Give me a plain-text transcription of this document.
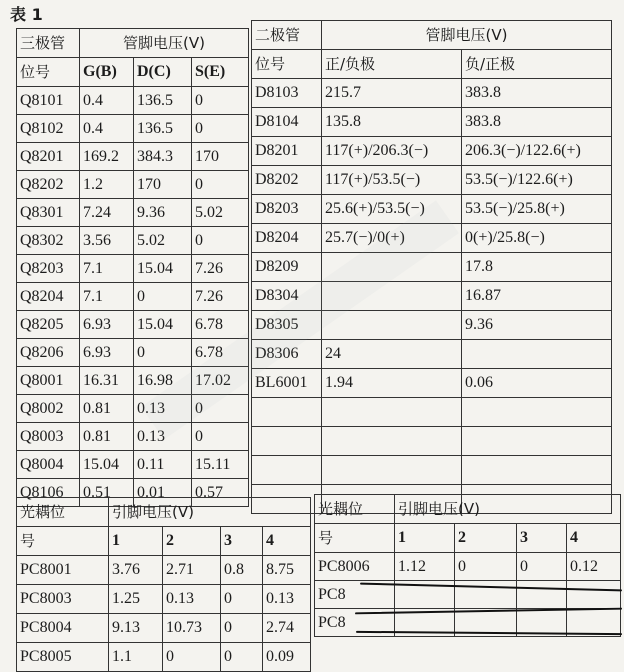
表 1
三极管	管脚电压(V)		
位号	G(B)	D(C)	S(E)
Q8101	0.4	136.5	0
Q8102	0.4	136.5	0
Q8201	169.2	384.3	170
Q8202	1.2	170	0
Q8301	7.24	9.36	5.02
Q8302	3.56	5.02	0
Q8203	7.1	15.04	7.26
Q8204	7.1	0	7.26
Q8205	6.93	15.04	6.78
Q8206	6.93	0	6.78
Q8001	16.31	16.98	17.02
Q8002	0.81	0.13	0
Q8003	0.81	0.13	0
Q8004	15.04	0.11	15.11
Q8106	0.51	0.01	0.57
二极管	管脚电压(V)	
位号	正/负极	负/正极
D8103	215.7	383.8
D8104	135.8	383.8
D8201	117(+)/206.3(−)	206.3(−)/122.6(+)
D8202	117(+)/53.5(−)	53.5(−)/122.6(+)
D8203	25.6(+)/53.5(−)	53.5(−)/25.8(+)
D8204	25.7(−)/0(+)	0(+)/25.8(−)
D8209		17.8
D8304		16.87
D8305		9.36
D8306	24	
BL6001	1.94	0.06

光耦位	引脚电压(V)			
号	1	2	3	4
PC8001	3.76	2.71	0.8	8.75
PC8003	1.25	0.13	0	0.13
PC8004	9.13	10.73	0	2.74
PC8005	1.1	0	0	0.09
光耦位	引脚电压(V)			
号	1	2	3	4
PC8006	1.12	0	0	0.12
PC8				
PC8				
